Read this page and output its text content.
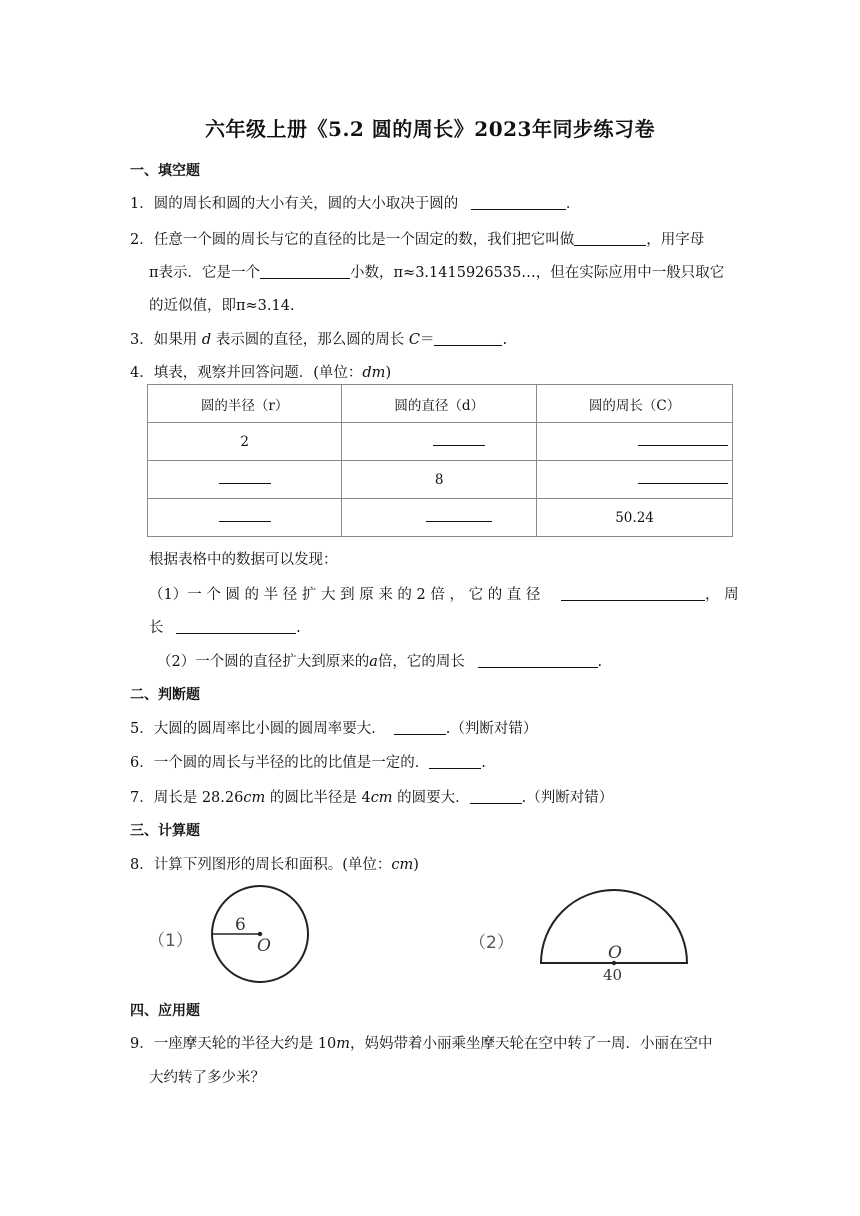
六年级上册《5.2 圆的周长》2023年同步练习卷
一、填空题
1．圆的周长和圆的大小有关，圆的大小取决于圆的	．
2．任意一个圆的周长与它的直径的比是一个固定的数，我们把它叫做	，用字母
π表示．它是一个	小数，π≈3.1415926535…，但在实际应用中一般只取它
的近似值，即π≈3.14.
3．如果用 d 表示圆的直径，那么圆的周长 C＝	.
4．填表，观察并回答问题．(单位：dm)
圆的半径（r）	圆的直径（d）	圆的周长（C）
2		
	8	
		50.24
根据表格中的数据可以发现：
（1）一 个 圆 的 半 径 扩 大 到 原 来 的 2 倍 ， 它 的 直 径	， 周
长	.
（2）一个圆的直径扩大到原来的a倍，它的周长	.
二、判断题
5．大圆的圆周率比小圆的圆周率要大．	.（判断对错）
6．一个圆的周长与半径的比的比值是一定的．	.
7．周长是 28.26cm 的圆比半径是 4cm 的圆要大．	.（判断对错）
三、计算题
8．计算下列图形的周长和面积。(单位：cm)
（1）
6
O	（2）	O
40
四、应用题
9．一座摩天轮的半径大约是 10m，妈妈带着小丽乘坐摩天轮在空中转了一周．小丽在空中
大约转了多少米？
